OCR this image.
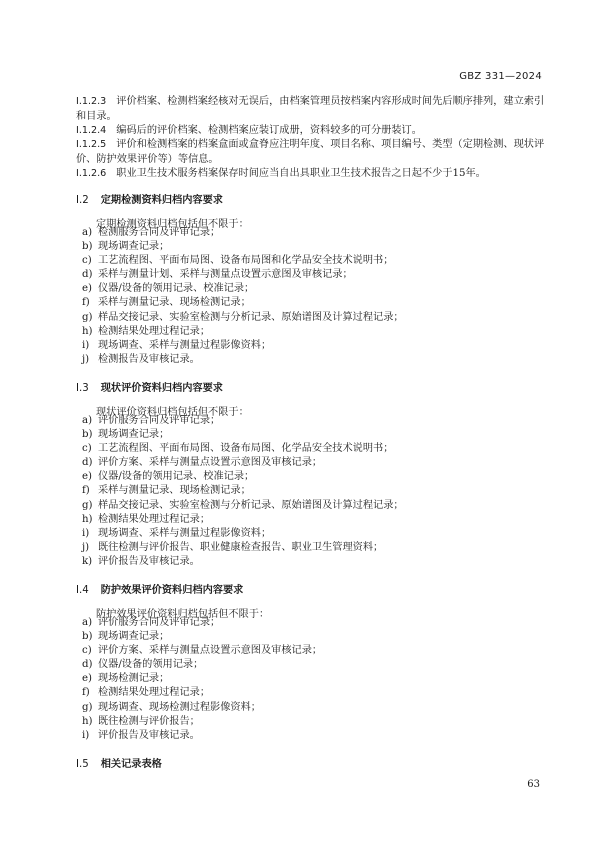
GBZ 331—2024
I.1.2.3 评价档案、检测档案经核对无误后，由档案管理员按档案内容形成时间先后顺序排列，建立索引和目录。
I.1.2.4 编码后的评价档案、检测档案应装订成册，资料较多的可分册装订。
I.1.2.5 评价和检测档案的档案盒面或盒脊应注明年度、项目名称、项目编号、类型（定期检测、现状评价、防护效果评价等）等信息。
I.1.2.6 职业卫生技术服务档案保存时间应当自出具职业卫生技术报告之日起不少于15年。
I.2 定期检测资料归档内容要求
定期检测资料归档包括但不限于：
a) 检测服务合同及评审记录；
b) 现场调查记录；
c) 工艺流程图、平面布局图、设备布局图和化学品安全技术说明书；
d) 采样与测量计划、采样与测量点设置示意图及审核记录；
e) 仪器/设备的领用记录、校准记录；
f) 采样与测量记录、现场检测记录；
g) 样品交接记录、实验室检测与分析记录、原始谱图及计算过程记录；
h) 检测结果处理过程记录；
i) 现场调查、采样与测量过程影像资料；
j) 检测报告及审核记录。
I.3 现状评价资料归档内容要求
现状评价资料归档包括但不限于：
a) 评价服务合同及评审记录；
b) 现场调查记录；
c) 工艺流程图、平面布局图、设备布局图、化学品安全技术说明书；
d) 评价方案、采样与测量点设置示意图及审核记录；
e) 仪器/设备的领用记录、校准记录；
f) 采样与测量记录、现场检测记录；
g) 样品交接记录、实验室检测与分析记录、原始谱图及计算过程记录；
h) 检测结果处理过程记录；
i) 现场调查、采样与测量过程影像资料；
j) 既往检测与评价报告、职业健康检查报告、职业卫生管理资料；
k) 评价报告及审核记录。
I.4 防护效果评价资料归档内容要求
防护效果评价资料归档包括但不限于：
a) 评价服务合同及评审记录；
b) 现场调查记录；
c) 评价方案、采样与测量点设置示意图及审核记录；
d) 仪器/设备的领用记录；
e) 现场检测记录；
f) 检测结果处理过程记录；
g) 现场调查、现场检测过程影像资料；
h) 既往检测与评价报告；
i) 评价报告及审核记录。
I.5 相关记录表格
63
